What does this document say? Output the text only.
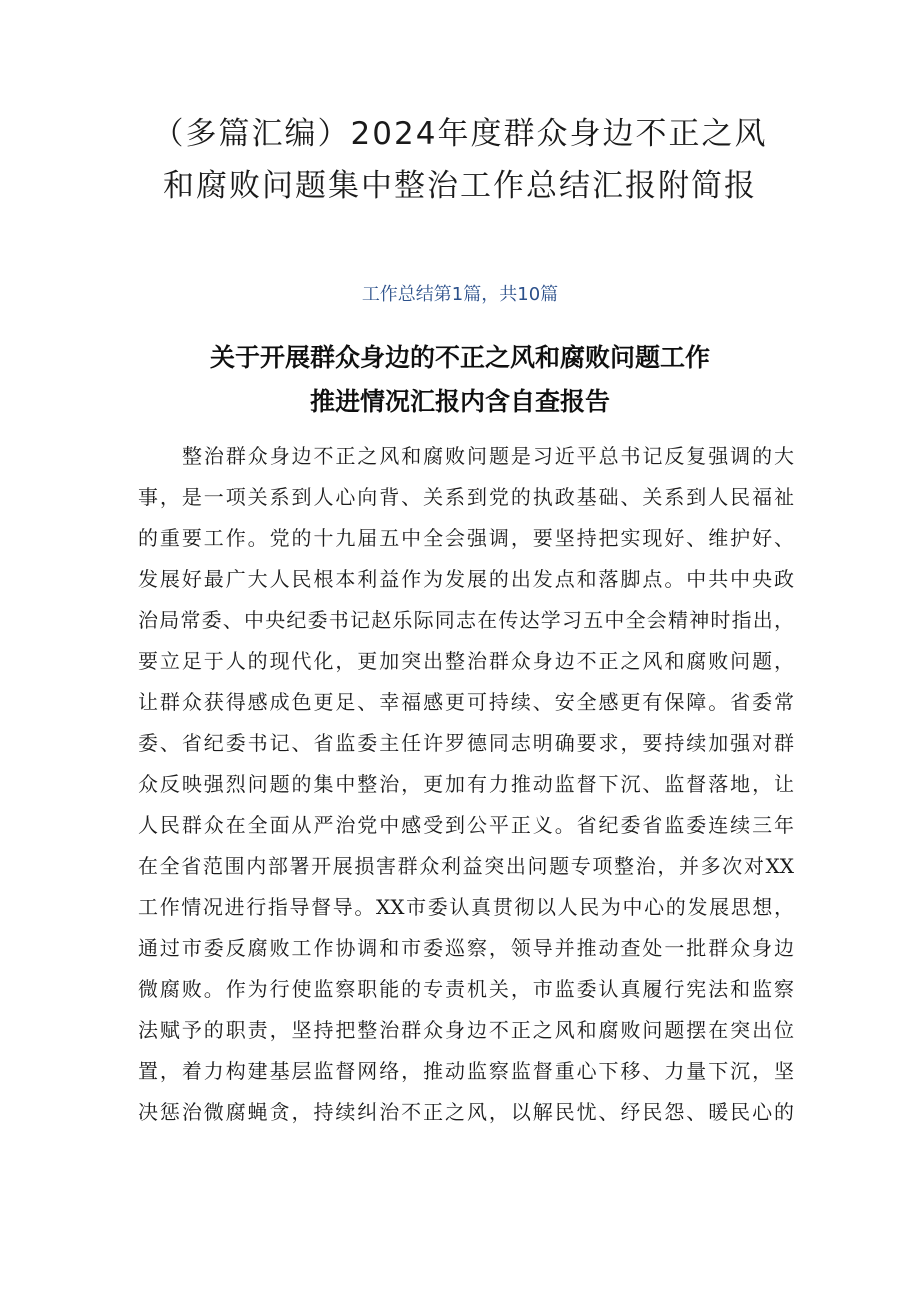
（多篇汇编）2024年度群众身边不正之风
和腐败问题集中整治工作总结汇报附简报

工作总结第1篇，共10篇

关于开展群众身边的不正之风和腐败问题工作
推进情况汇报内含自查报告
整治群众身边不正之风和腐败问题是习近平总书记反复强调的大
事，是一项关系到人心向背、关系到党的执政基础、关系到人民福祉
的重要工作。党的十九届五中全会强调，要坚持把实现好、维护好、
发展好最广大人民根本利益作为发展的出发点和落脚点。中共中央政
治局常委、中央纪委书记赵乐际同志在传达学习五中全会精神时指出，
要立足于人的现代化，更加突出整治群众身边不正之风和腐败问题，
让群众获得感成色更足、幸福感更可持续、安全感更有保障。省委常
委、省纪委书记、省监委主任许罗德同志明确要求，要持续加强对群
众反映强烈问题的集中整治，更加有力推动监督下沉、监督落地，让
人民群众在全面从严治党中感受到公平正义。省纪委省监委连续三年
在全省范围内部署开展损害群众利益突出问题专项整治，并多次对XX
工作情况进行指导督导。XX市委认真贯彻以人民为中心的发展思想，
通过市委反腐败工作协调和市委巡察，领导并推动查处一批群众身边
微腐败。作为行使监察职能的专责机关，市监委认真履行宪法和监察
法赋予的职责，坚持把整治群众身边不正之风和腐败问题摆在突出位
置，着力构建基层监督网络，推动监察监督重心下移、力量下沉，坚
决惩治微腐蝇贪，持续纠治不正之风，以解民忧、纾民怨、暖民心的
